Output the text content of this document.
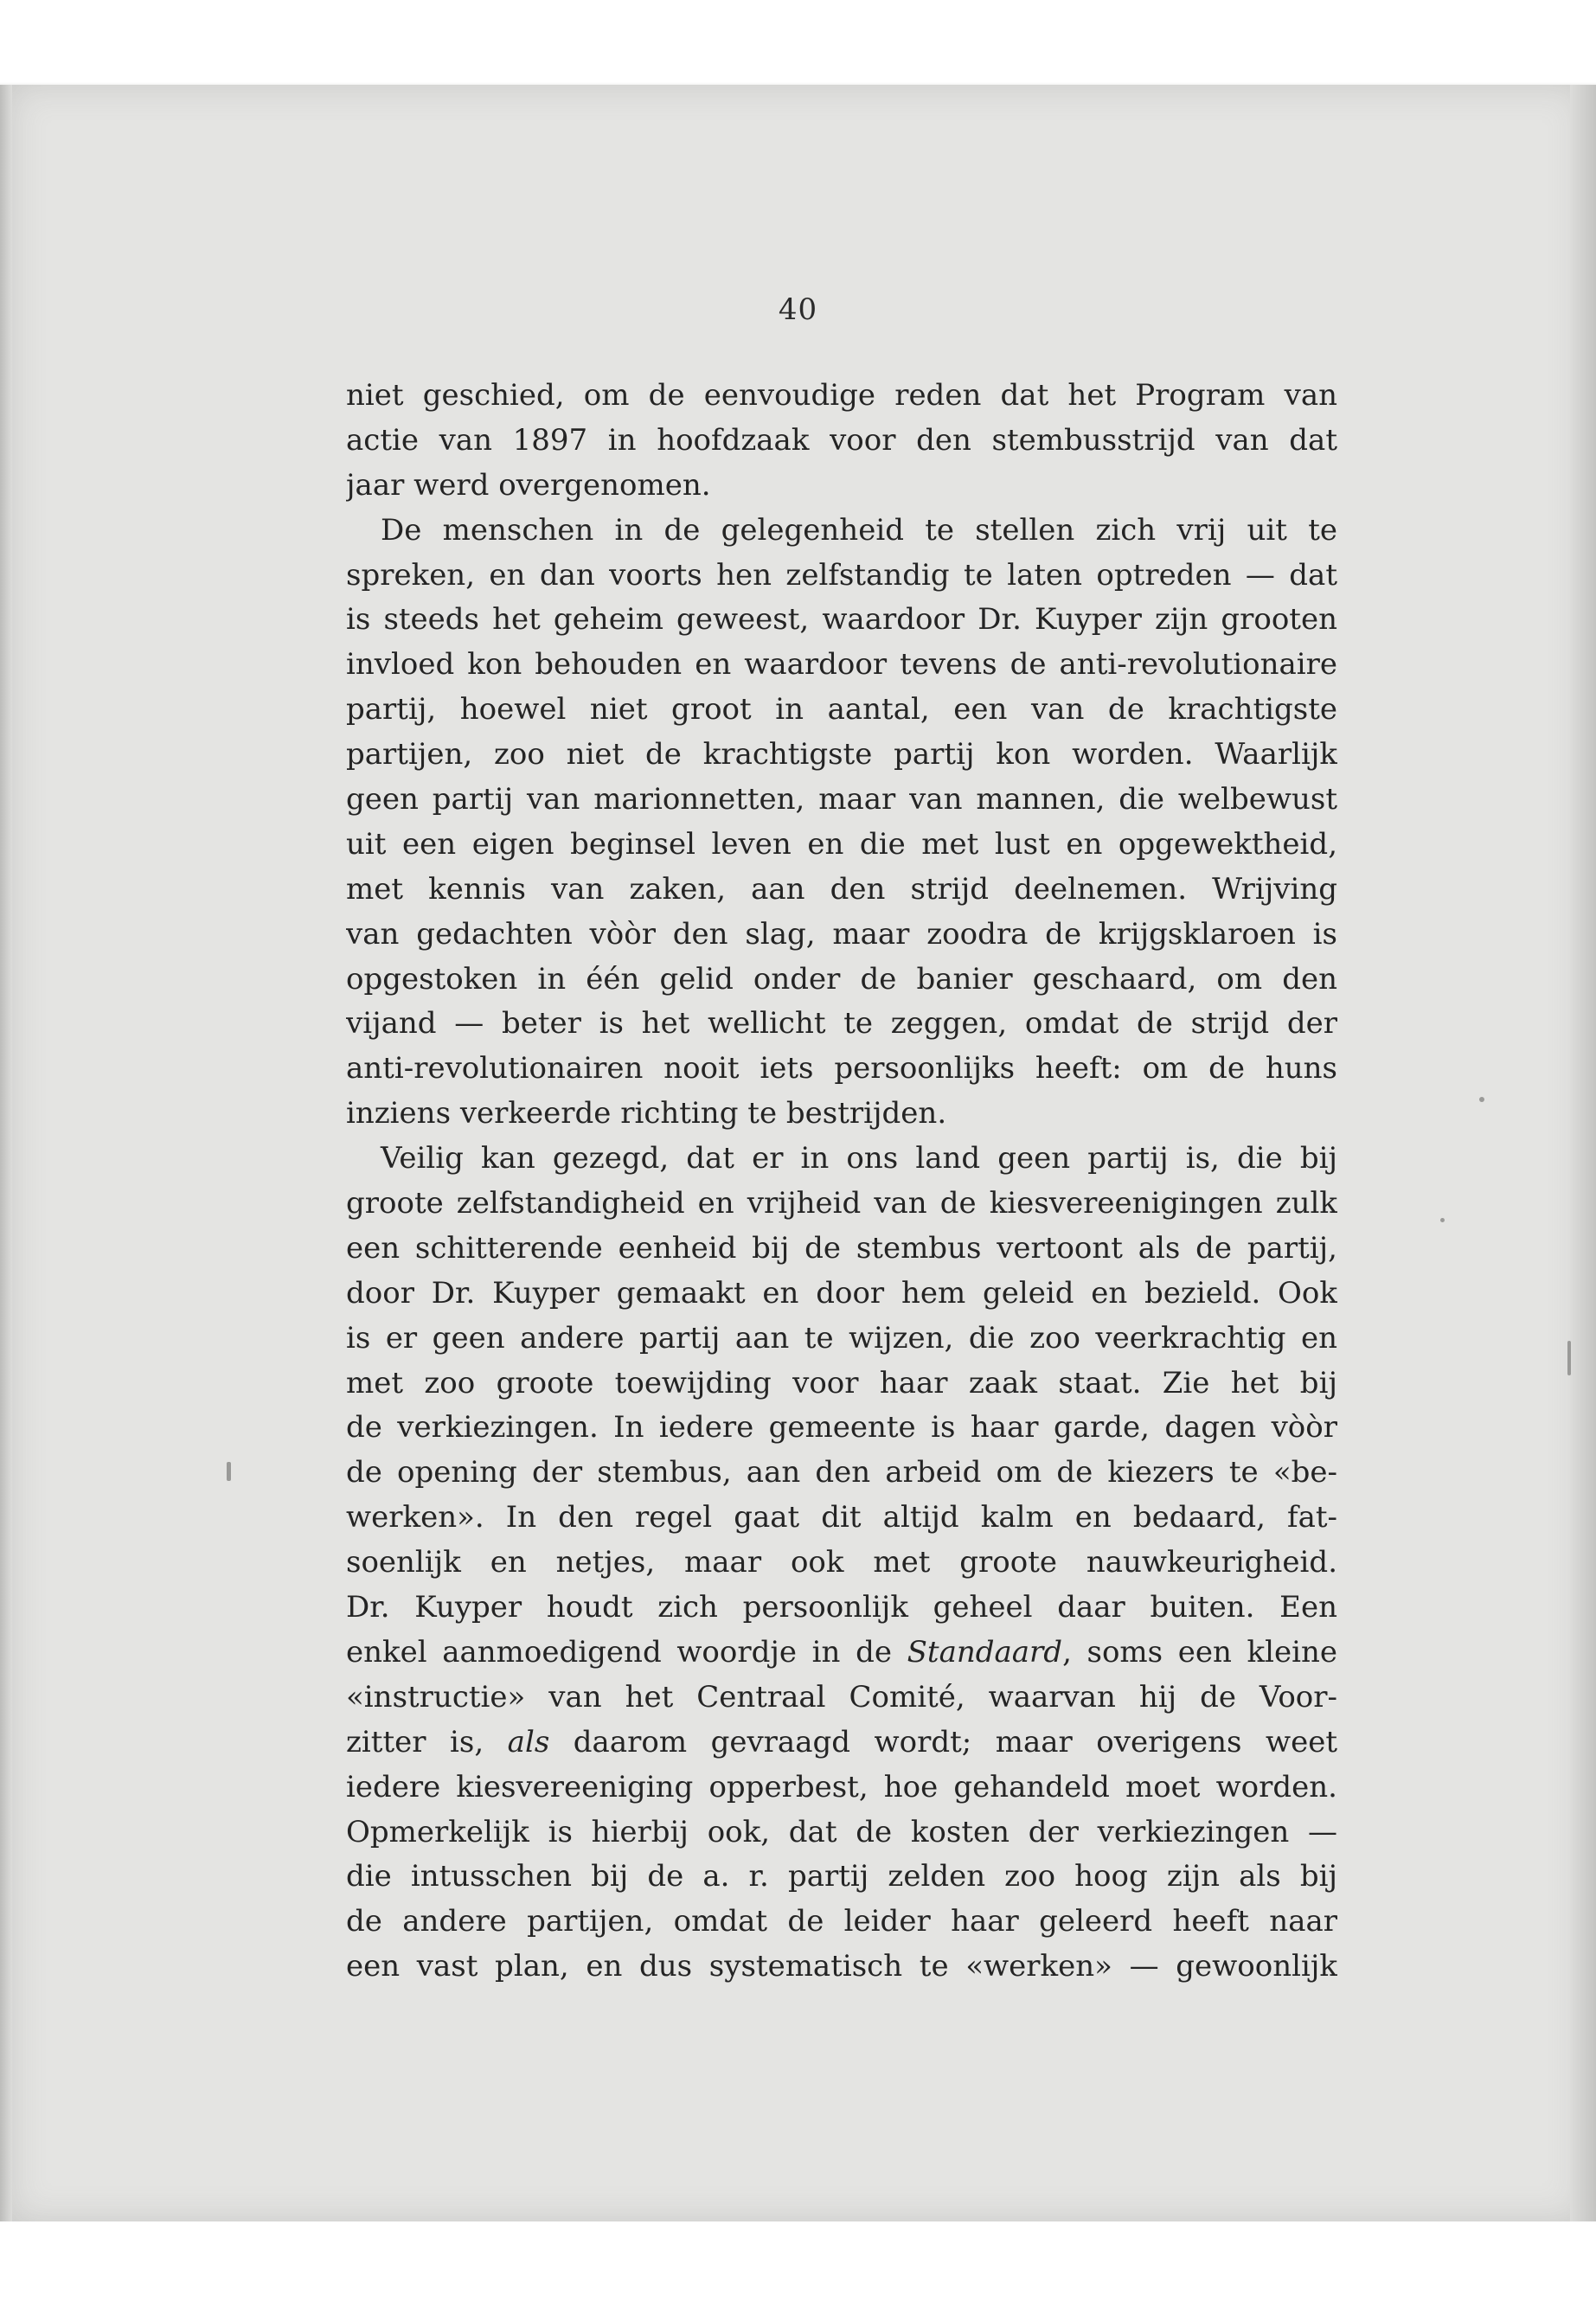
40
niet geschied, om de eenvoudige reden dat het Program van
actie van 1897 in hoofdzaak voor den stembusstrijd van dat
jaar werd overgenomen.
De menschen in de gelegenheid te stellen zich vrij uit te
spreken, en dan voorts hen zelfstandig te laten optreden — dat
is steeds het geheim geweest, waardoor Dr. Kuyper zijn grooten
invloed kon behouden en waardoor tevens de anti-revolutionaire
partij, hoewel niet groot in aantal, een van de krachtigste
partijen, zoo niet de krachtigste partij kon worden. Waarlijk
geen partij van marionnetten, maar van mannen, die welbewust
uit een eigen beginsel leven en die met lust en opgewektheid,
met kennis van zaken, aan den strijd deelnemen. Wrijving
van gedachten vòòr den slag, maar zoodra de krijgsklaroen is
opgestoken in één gelid onder de banier geschaard, om den
vijand — beter is het wellicht te zeggen, omdat de strijd der
anti-revolutionairen nooit iets persoonlijks heeft: om de huns
inziens verkeerde richting te bestrijden.
Veilig kan gezegd, dat er in ons land geen partij is, die bij
groote zelfstandigheid en vrijheid van de kiesvereenigingen zulk
een schitterende eenheid bij de stembus vertoont als de partij,
door Dr. Kuyper gemaakt en door hem geleid en bezield. Ook
is er geen andere partij aan te wijzen, die zoo veerkrachtig en
met zoo groote toewijding voor haar zaak staat. Zie het bij
de verkiezingen. In iedere gemeente is haar garde, dagen vòòr
de opening der stembus, aan den arbeid om de kiezers te «be-
werken». In den regel gaat dit altijd kalm en bedaard, fat-
soenlijk en netjes, maar ook met groote nauwkeurigheid.
Dr. Kuyper houdt zich persoonlijk geheel daar buiten. Een
enkel aanmoedigend woordje in de Standaard, soms een kleine
«instructie» van het Centraal Comité, waarvan hij de Voor-
zitter is, als daarom gevraagd wordt; maar overigens weet
iedere kiesvereeniging opperbest, hoe gehandeld moet worden.
Opmerkelijk is hierbij ook, dat de kosten der verkiezingen —
die intusschen bij de a. r. partij zelden zoo hoog zijn als bij
de andere partijen, omdat de leider haar geleerd heeft naar
een vast plan, en dus systematisch te «werken» — gewoonlijk
